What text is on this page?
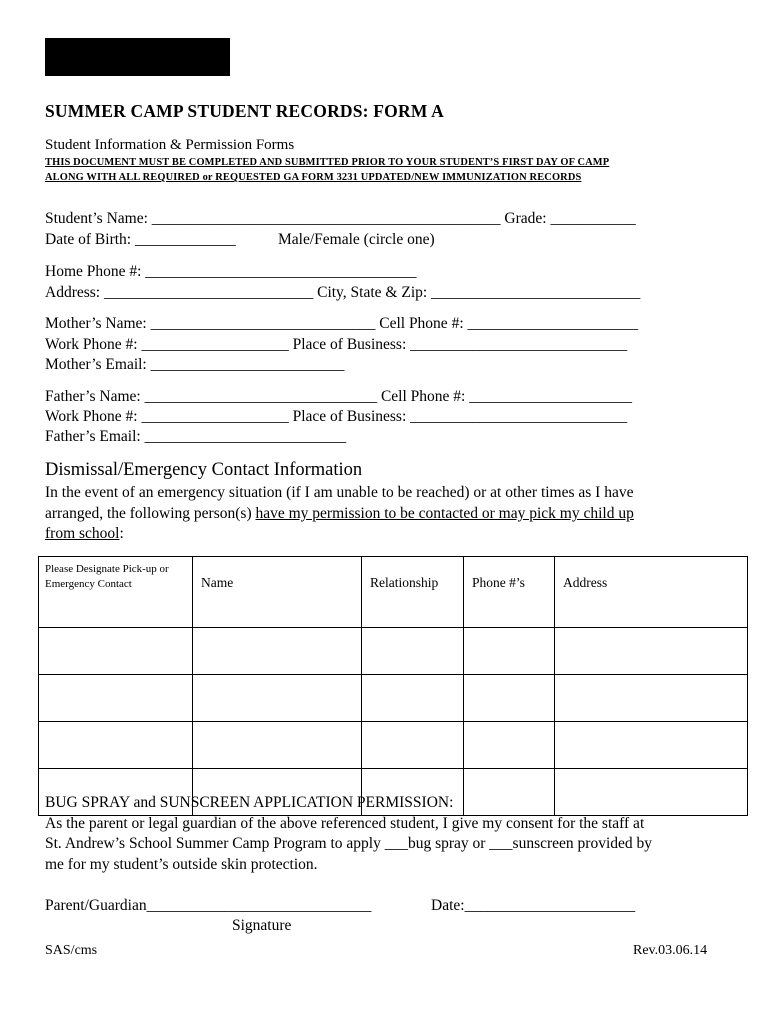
SUMMER CAMP STUDENT RECORDS: FORM A
Student Information & Permission Forms
THIS DOCUMENT MUST BE COMPLETED AND SUBMITTED PRIOR TO YOUR STUDENT’S FIRST DAY OF CAMP
ALONG WITH ALL REQUIRED or REQUESTED GA FORM 3231 UPDATED/NEW IMMUNIZATION RECORDS
Student’s Name: _____________________________________________ Grade: ___________
Date of Birth: _____________	Male/Female (circle one)
Home Phone #: ___________________________________
Address: ___________________________ City, State & Zip: ___________________________
Mother’s Name: _____________________________ Cell Phone #: ______________________
Work Phone #: ___________________ Place of Business: ____________________________
Mother’s Email: _________________________
Father’s Name: ______________________________ Cell Phone #: _____________________
Work Phone #: ___________________ Place of Business: ____________________________
Father’s Email: __________________________
Dismissal/Emergency Contact Information
In the event of an emergency situation (if I am unable to be reached) or at other times as I have
arranged, the following person(s) have my permission to be contacted or may pick my child up
from school:
Please Designate Pick-up or Emergency Contact	Name	Relationship	Phone #’s	Address

BUG SPRAY and SUNSCREEN APPLICATION PERMISSION:
As the parent or legal guardian of the above referenced student, I give my consent for the staff at
St. Andrew’s School Summer Camp Program to apply ___bug spray or ___sunscreen provided by
me for my student’s outside skin protection.
Parent/Guardian_____________________________	Date:______________________
Signature
SAS/cms	Rev.03.06.14
